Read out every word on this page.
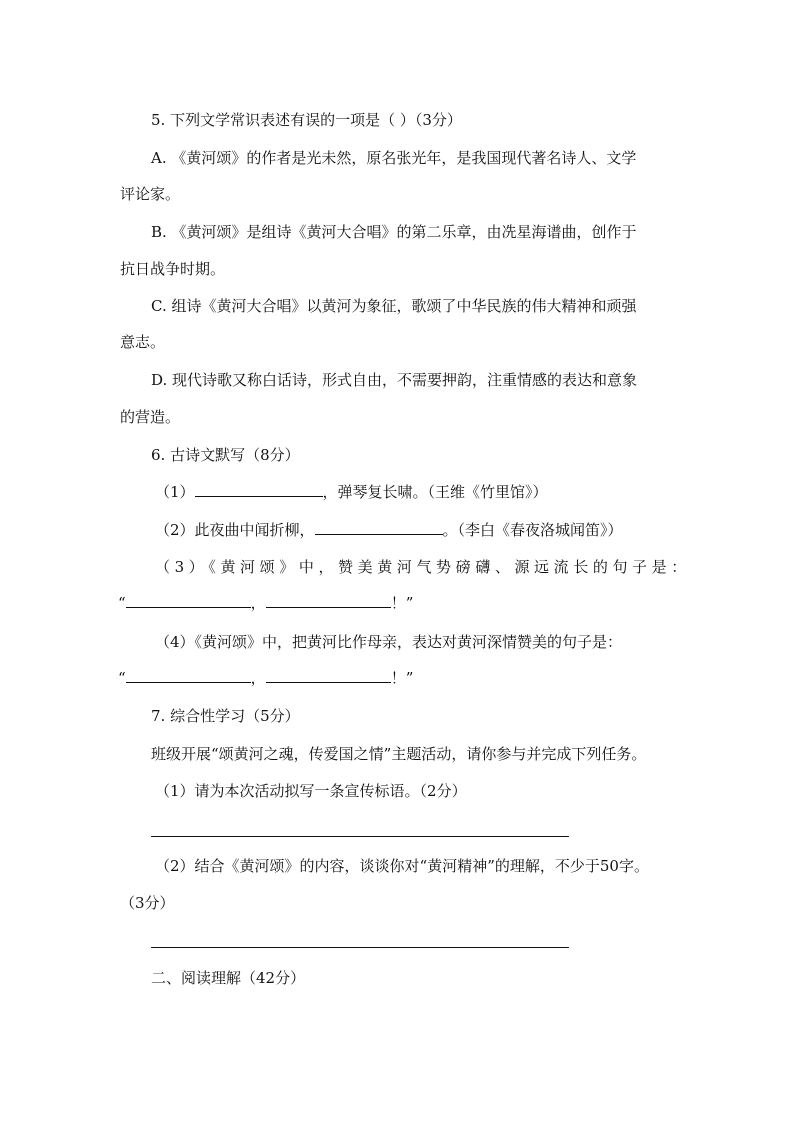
5. 下列文学常识表述有误的一项是（ ）（3分）
A. 《黄河颂》的作者是光未然，原名张光年，是我国现代著名诗人、文学
评论家。
B. 《黄河颂》是组诗《黄河大合唱》的第二乐章，由冼星海谱曲，创作于
抗日战争时期。
C. 组诗《黄河大合唱》以黄河为象征，歌颂了中华民族的伟大精神和顽强
意志。
D. 现代诗歌又称白话诗，形式自由，不需要押韵，注重情感的表达和意象
的营造。
6. 古诗文默写（8分）
（1）	，弹琴复长啸。（王维《竹里馆》）
（2）此夜曲中闻折柳，	。（李白《春夜洛城闻笛》）
（3）《黄河颂》中，赞美黄河气势磅礴、源远流长的句子是：
“	，	！”
（4）《黄河颂》中，把黄河比作母亲，表达对黄河深情赞美的句子是：
“	，	！”
7. 综合性学习（5分）
班级开展“颂黄河之魂，传爱国之情”主题活动，请你参与并完成下列任务。
（1）请为本次活动拟写一条宣传标语。（2分）
（2）结合《黄河颂》的内容，谈谈你对“黄河精神”的理解，不少于50字。
（3分）
二、阅读理解（42分）
